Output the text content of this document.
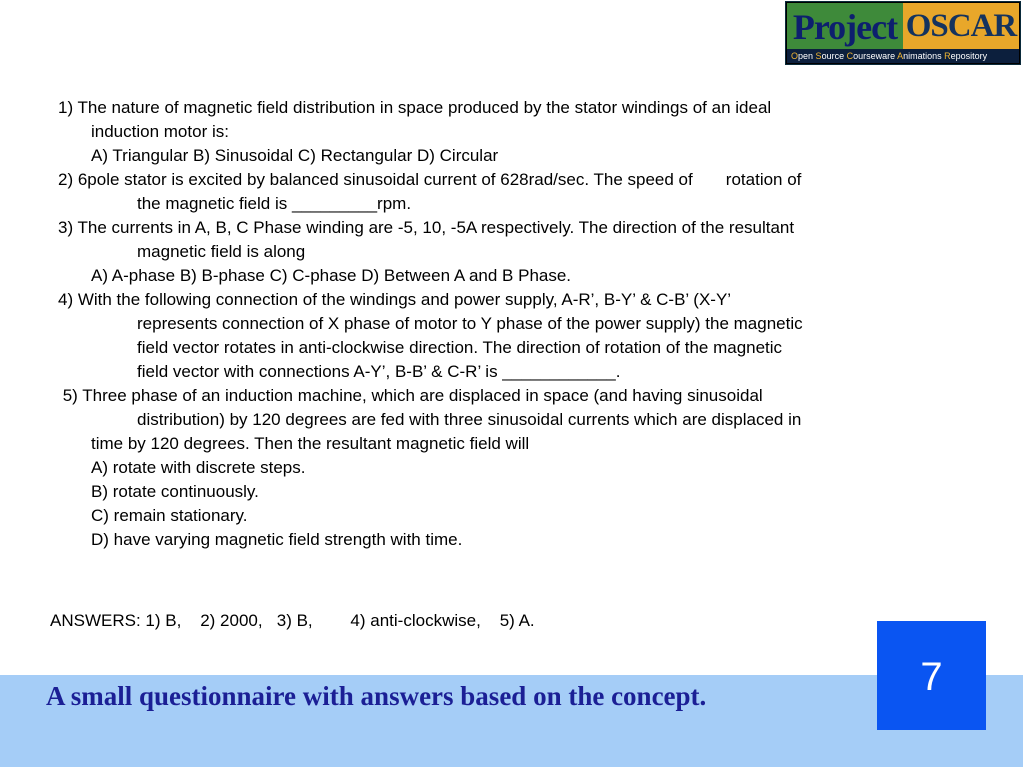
Project OSCAR
Open Source Courseware Animations Repository
1) The nature of magnetic field distribution in space produced by the stator windings of an ideal
induction motor is:
A) Triangular B) Sinusoidal C) Rectangular D) Circular
2) 6pole stator is excited by balanced sinusoidal current of 628rad/sec. The speed of       rotation of
the magnetic field is _________rpm.
3) The currents in A, B, C Phase winding are -5, 10, -5A respectively. The direction of the resultant
magnetic field is along
A) A-phase B) B-phase C) C-phase D) Between A and B Phase.
4) With the following connection of the windings and power supply, A-R’, B-Y’ & C-B’ (X-Y’
represents connection of X phase of motor to Y phase of the power supply) the magnetic
field vector rotates in anti-clockwise direction. The direction of rotation of the magnetic
field vector with connections A-Y’, B-B’ & C-R’ is ____________.
5) Three phase of an induction machine, which are displaced in space (and having sinusoidal
distribution) by 120 degrees are fed with three sinusoidal currents which are displaced in
time by 120 degrees. Then the resultant magnetic field will
A) rotate with discrete steps.
B) rotate continuously.
C) remain stationary.
D) have varying magnetic field strength with time.
ANSWERS: 1) B,    2) 2000,   3) B,        4) anti-clockwise,    5) A.
A small questionnaire with answers based on the concept.	7
